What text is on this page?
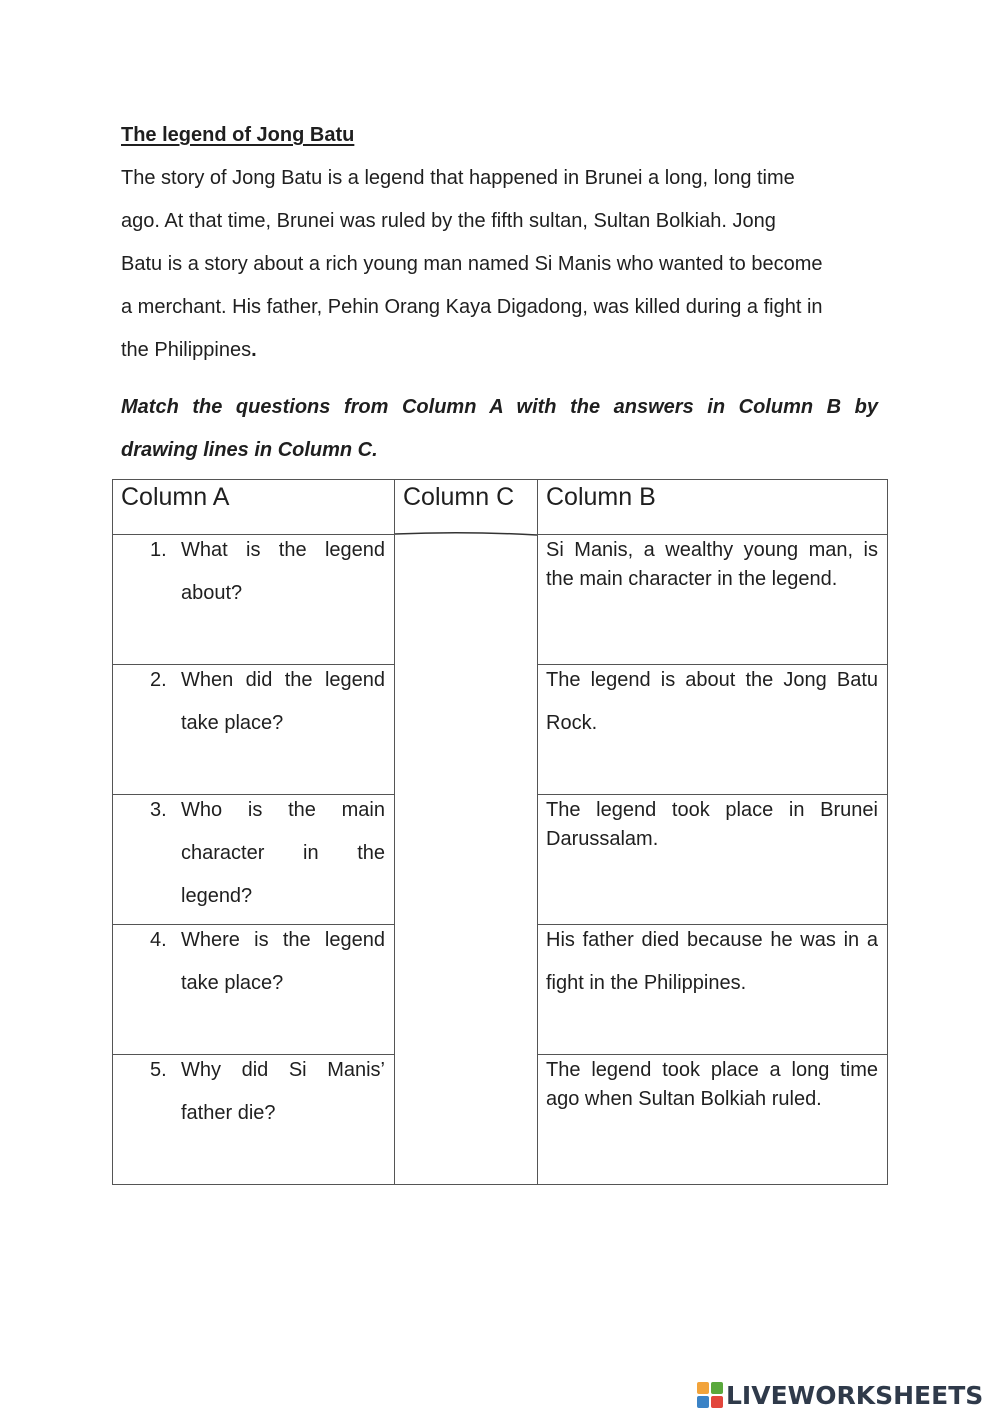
The legend of Jong Batu

The story of Jong Batu is a legend that happened in Brunei a long, long time
ago. At that time, Brunei was ruled by the fifth sultan, Sultan Bolkiah. Jong
Batu is a story about a rich young man named Si Manis who wanted to become
a merchant. His father, Pehin Orang Kaya Digadong, was killed during a fight in
the Philippines.

Match the questions from Column A with the answers in Column B by
drawing lines in Column C.
Column A	Column C Column B
1. What is the legend about?
2. When did the legend take place?
3. Who is the main character in the legend?
4. Where is the legend take place?
5. Why did Si Manis’ father die?
Si Manis, a wealthy young man, is the main character in the legend.
The legend is about the Jong Batu Rock.
The legend took place in Brunei Darussalam.
His father died because he was in a fight in the Philippines.
The legend took place a long time ago when Sultan Bolkiah ruled.
LIVEWORKSHEETS
